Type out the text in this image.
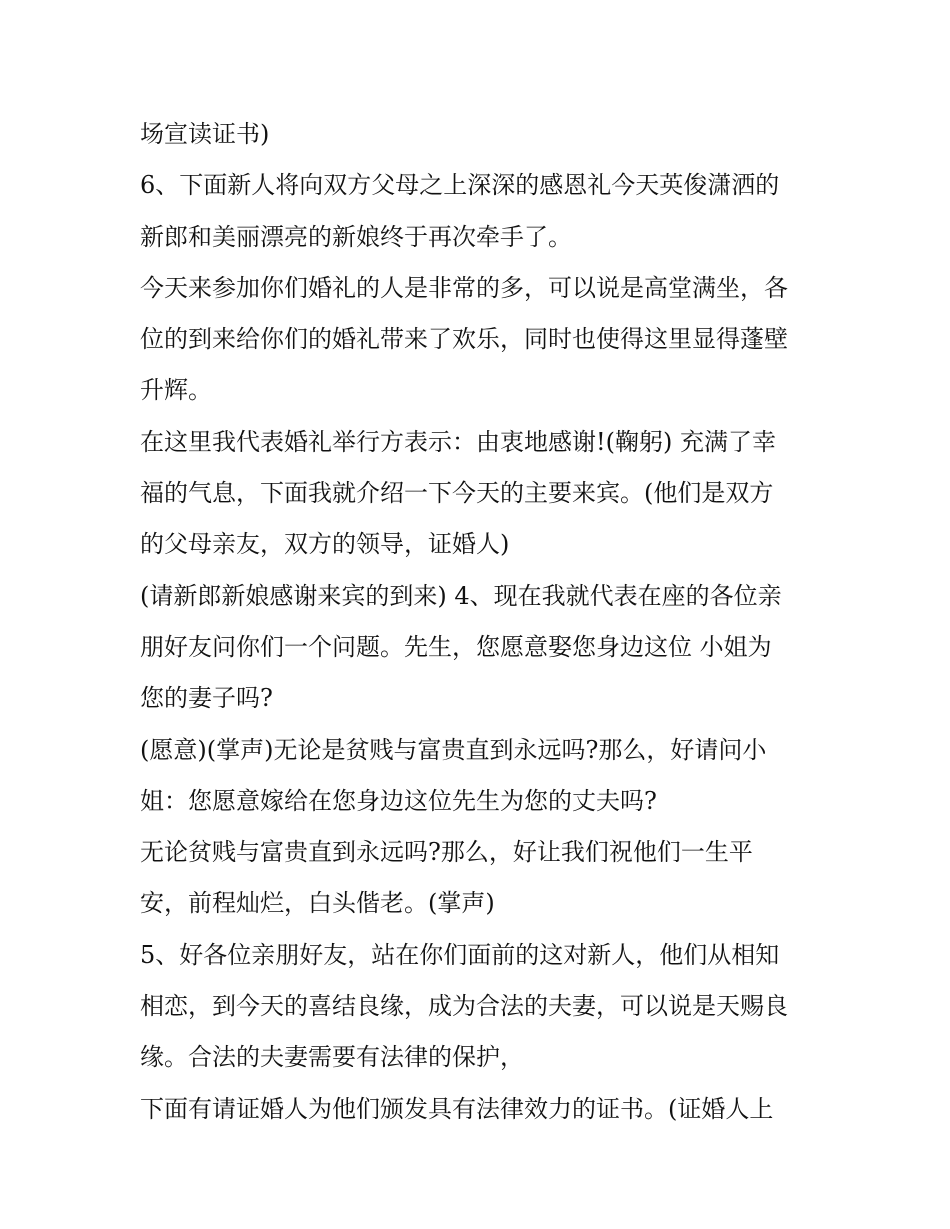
场宣读证书)
6、下面新人将向双方父母之上深深的感恩礼今天英俊潇洒的
新郎和美丽漂亮的新娘终于再次牵手了。
今天来参加你们婚礼的人是非常的多，可以说是高堂满坐，各
位的到来给你们的婚礼带来了欢乐，同时也使得这里显得蓬壁
升辉。
在这里我代表婚礼举行方表示：由衷地感谢!(鞠躬) 充满了幸
福的气息，下面我就介绍一下今天的主要来宾。(他们是双方
的父母亲友，双方的领导，证婚人)
(请新郎新娘感谢来宾的到来) 4、现在我就代表在座的各位亲
朋好友问你们一个问题。先生，您愿意娶您身边这位 小姐为
您的妻子吗?
(愿意)(掌声)无论是贫贱与富贵直到永远吗?那么，好请问小
姐：您愿意嫁给在您身边这位先生为您的丈夫吗?
无论贫贱与富贵直到永远吗?那么，好让我们祝他们一生平
安，前程灿烂，白头偕老。(掌声)
5、好各位亲朋好友，站在你们面前的这对新人，他们从相知
相恋，到今天的喜结良缘，成为合法的夫妻，可以说是天赐良
缘。合法的夫妻需要有法律的保护，
下面有请证婚人为他们颁发具有法律效力的证书。(证婚人上
